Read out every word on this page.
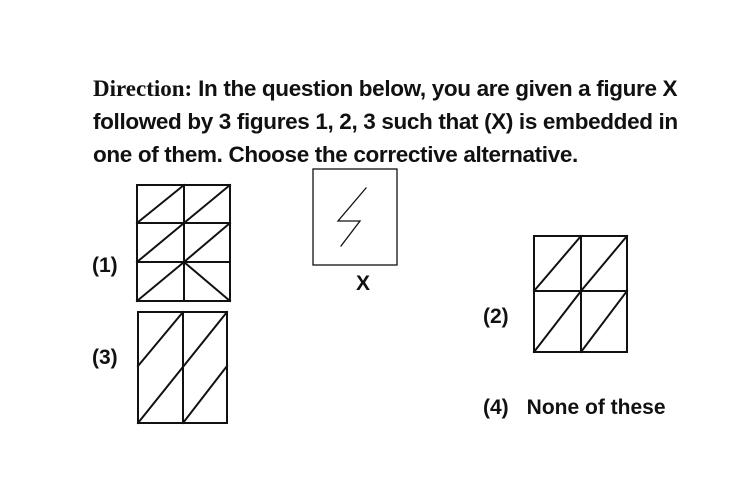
Direction: In the question below, you are given a figure X followed by 3 figures 1, 2, 3 such that (X) is embedded in one of them. Choose the corrective alternative.
X
(1)
(2)
(3)
(4) None of these
